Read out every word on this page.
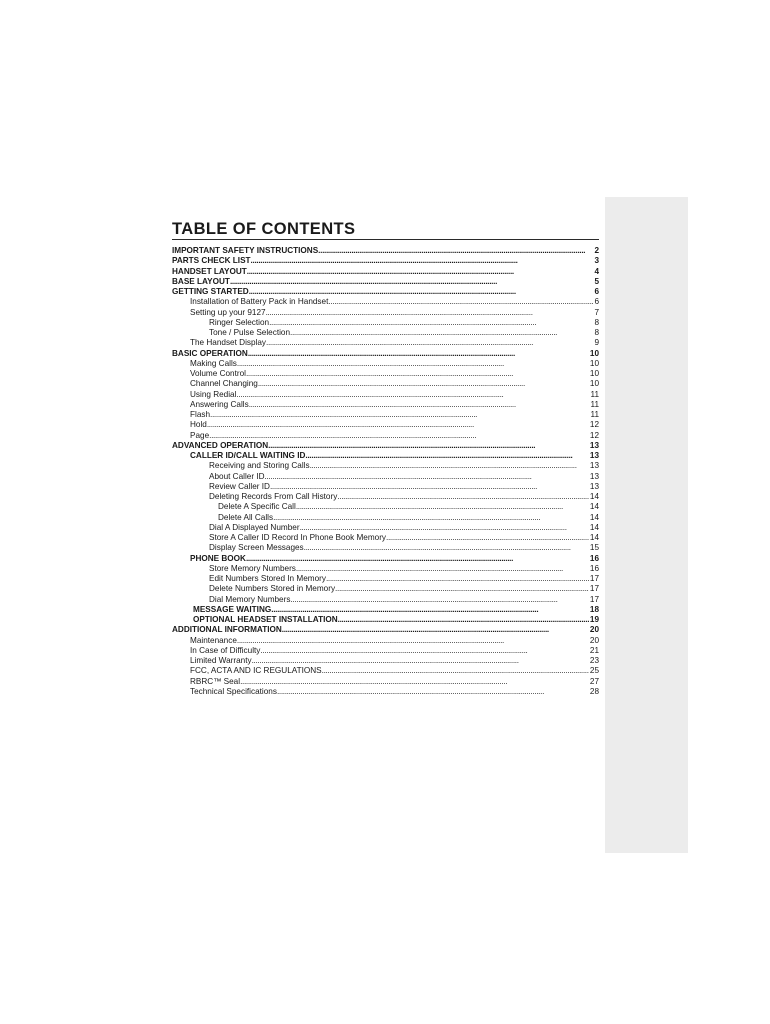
TABLE OF CONTENTS
IMPORTANT SAFETY INSTRUCTIONS . . .	2
PARTS CHECK LIST . . .	3
HANDSET LAYOUT . . .	4
BASE LAYOUT . . .	5
GETTING STARTED . . .	6
Installation of Battery Pack in Handset . . .	6
Setting up your 9127 . . .	7
Ringer Selection . . .	8
Tone / Pulse Selection . . .	8
The Handset Display . . .	9
BASIC OPERATION . . .	10
Making Calls . . .	10
Volume Control . . .	10
Channel Changing . . .	10
Using Redial . . .	11
Answering Calls . . .	11
Flash . . .	11
Hold . . .	12
Page . . .	12
ADVANCED OPERATION . . .	13
CALLER ID/CALL WAITING ID . . .	13
Receiving and Storing Calls . . .	13
About Caller ID . . .	13
Review Caller ID . . .	13
Deleting Records From Call History . . .	14
Delete A Specific Call . . .	14
Delete All Calls . . .	14
Dial A Displayed Number . . .	14
Store A Caller ID Record In Phone Book Memory . . .	14
Display Screen Messages . . .	15
PHONE BOOK . . .	16
Store Memory Numbers . . .	16
Edit Numbers Stored In Memory . . .	17
Delete Numbers Stored in Memory . . .	17
Dial Memory Numbers . . .	17
MESSAGE WAITING . . .	18
OPTIONAL HEADSET INSTALLATION . . .	19
ADDITIONAL INFORMATION . . .	20
Maintenance . . .	20
In Case of Difficulty . . .	21
Limited Warranty . . .	23
FCC, ACTA AND IC REGULATIONS . . .	25
RBRC™ Seal . . .	27
Technical Specifications . . .	28
